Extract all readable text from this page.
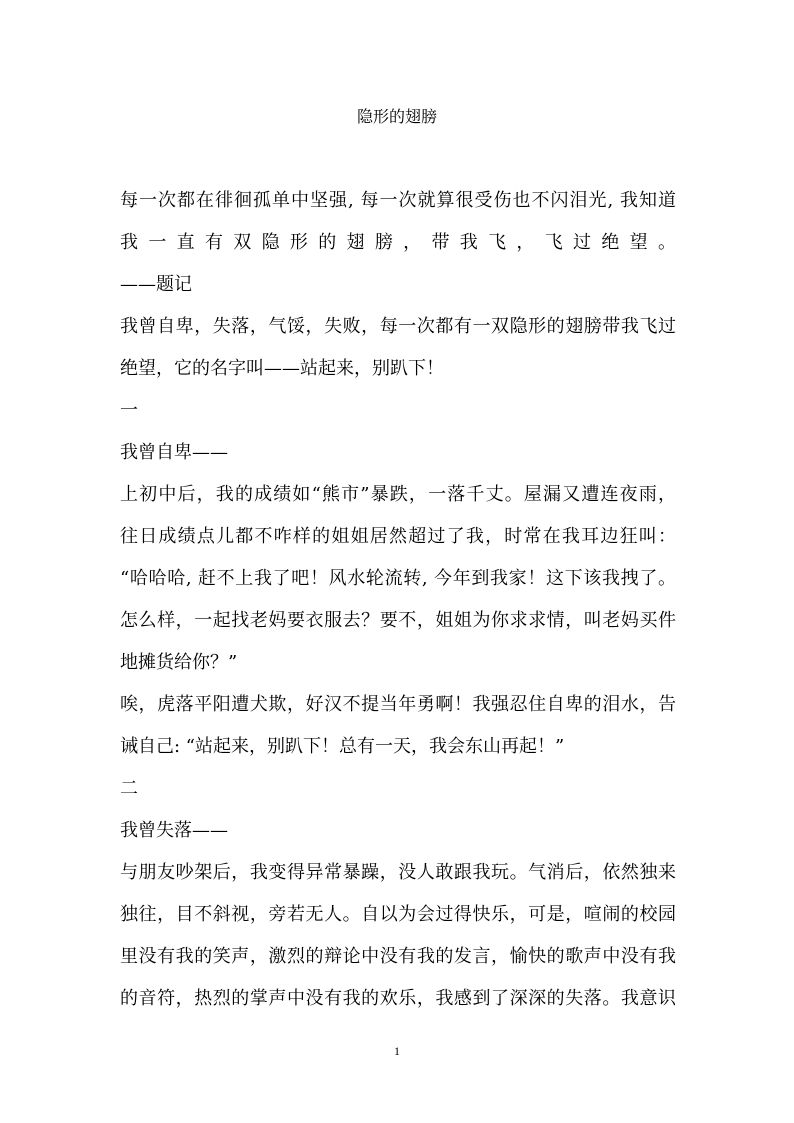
隐形的翅膀
每一次都在徘徊孤单中坚强, 每一次就算很受伤也不闪泪光, 我知道
我 一 直 有 双 隐 形 的 翅 膀 ， 带 我 飞 ， 飞 过 绝 望 。
——题记
我曾自卑，失落，气馁，失败，每一次都有一双隐形的翅膀带我飞过
绝望，它的名字叫——站起来，别趴下！
一
我曾自卑——
上初中后，我的成绩如“熊市”暴跌，一落千丈。屋漏又遭连夜雨，
往日成绩点儿都不咋样的姐姐居然超过了我，时常在我耳边狂叫：
“哈哈哈, 赶不上我了吧！风水轮流转, 今年到我家！这下该我拽了。
怎么样，一起找老妈要衣服去？要不，姐姐为你求求情，叫老妈买件
地摊货给你？”
唉，虎落平阳遭犬欺，好汉不提当年勇啊！我强忍住自卑的泪水，告
诫自己: “站起来，别趴下！总有一天，我会东山再起！”
二
我曾失落——
与朋友吵架后，我变得异常暴躁，没人敢跟我玩。气消后，依然独来
独往，目不斜视，旁若无人。自以为会过得快乐，可是，喧闹的校园
里没有我的笑声，激烈的辩论中没有我的发言，愉快的歌声中没有我
的音符，热烈的掌声中没有我的欢乐，我感到了深深的失落。我意识
1
